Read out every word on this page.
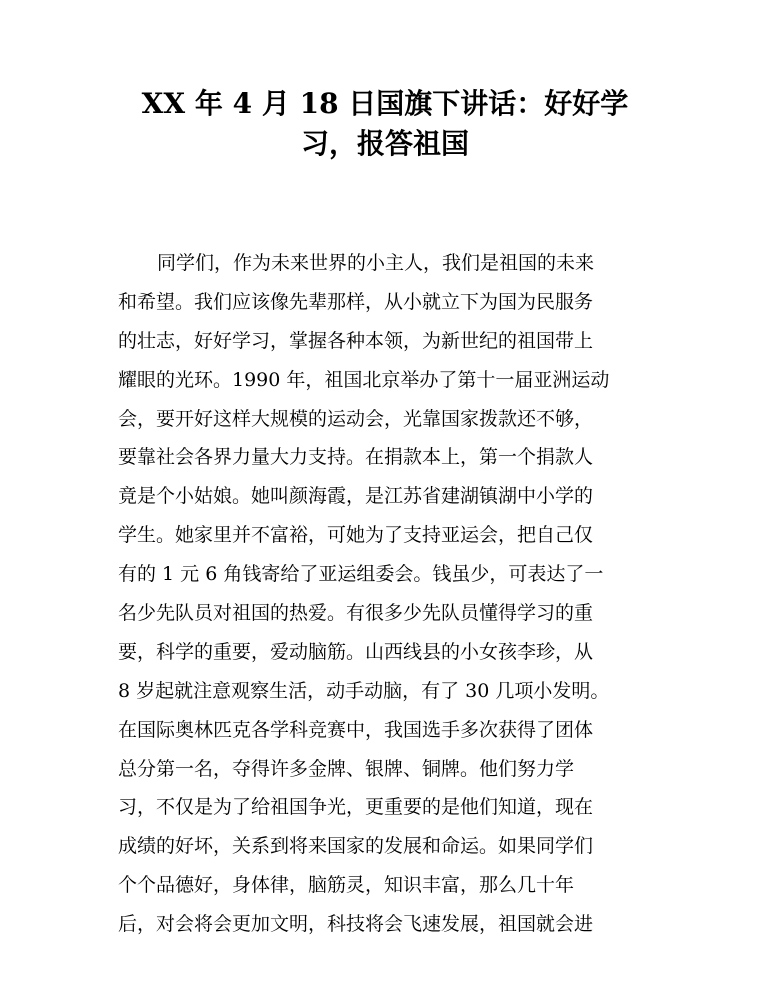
XX 年 4 月 18 日国旗下讲话：好好学
习，报答祖国
同学们，作为未来世界的小主人，我们是祖国的未来
和希望。我们应该像先辈那样，从小就立下为国为民服务
的壮志，好好学习，掌握各种本领，为新世纪的祖国带上
耀眼的光环。1990 年，祖国北京举办了第十一届亚洲运动
会，要开好这样大规模的运动会，光靠国家拨款还不够，
要靠社会各界力量大力支持。在捐款本上，第一个捐款人
竟是个小姑娘。她叫颜海霞，是江苏省建湖镇湖中小学的
学生。她家里并不富裕，可她为了支持亚运会，把自己仅
有的 1 元 6 角钱寄给了亚运组委会。钱虽少，可表达了一
名少先队员对祖国的热爱。有很多少先队员懂得学习的重
要，科学的重要，爱动脑筋。山西线县的小女孩李珍，从
8 岁起就注意观察生活，动手动脑，有了 30 几项小发明。
在国际奥林匹克各学科竞赛中，我国选手多次获得了团体
总分第一名，夺得许多金牌、银牌、铜牌。他们努力学
习，不仅是为了给祖国争光，更重要的是他们知道，现在
成绩的好坏，关系到将来国家的发展和命运。如果同学们
个个品德好，身体律，脑筋灵，知识丰富，那么几十年
后，对会将会更加文明，科技将会飞速发展，祖国就会进
